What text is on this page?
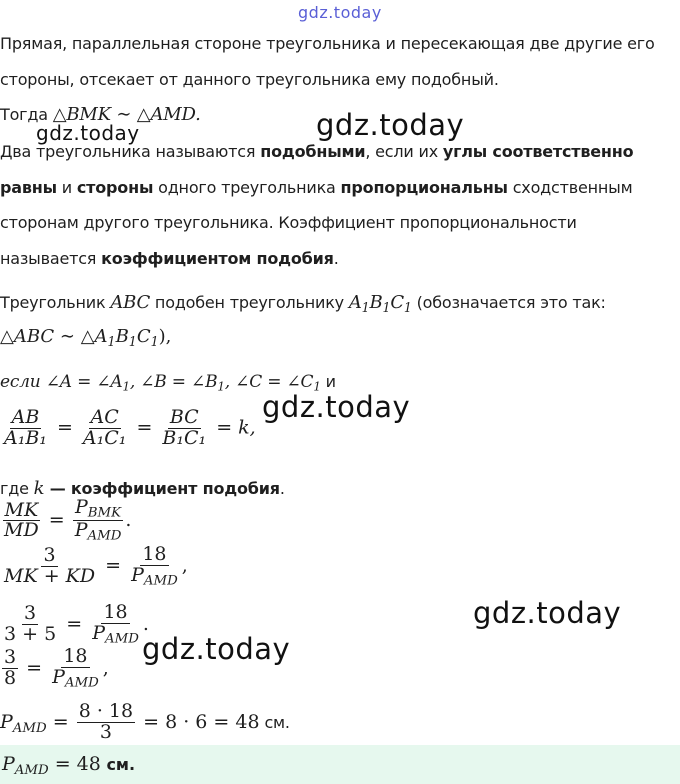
gdz.today
Прямая, параллельная стороне треугольника и пересекающая две другие его
стороны, отсекает от данного треугольника ему подобный.
Тогда △BMK ∼ △AMD.
gdz.today	gdz.today
Два треугольника называются подобными, если их углы соответственно
равны и стороны одного треугольника пропорциональны сходственным
сторонам другого треугольника. Коэффициент пропорциональности
называется коэффициентом подобия.
Треугольник ABC подобен треугольнику $A_1B_1C_1$ (обозначается это так:
△ABC ∼ $\triangle A_1B_1C_1$),
если ∠A = $\angle A_1$, ∠B = $\angle B_1$, ∠C = $\angle C_1$ и
gdz.today
$\frac{AB}{\text{A₁B₁}} = \frac{AC}{\text{A₁C₁}} = \frac{BC}{\text{B₁C₁}} = k$,
где k — коэффициент подобия.
$\frac{MK}{MD} = \frac{P_{BMK}}{P_{AMD}}$ .
$\frac{3}{MK + KD} = \frac{18}{P_{AMD}}$ ,
gdz.today
$\frac{3}{3 + 5} = \frac{18}{P_{AMD}}$ .
gdz.today
$\frac{3}{8} = \frac{18}{P_{AMD}}$ ,
$P_{AMD} = \frac{8 \cdot 18}{3} = 8 \cdot 6 = 48$ см.
$P_{AMD} = 48$ см.
